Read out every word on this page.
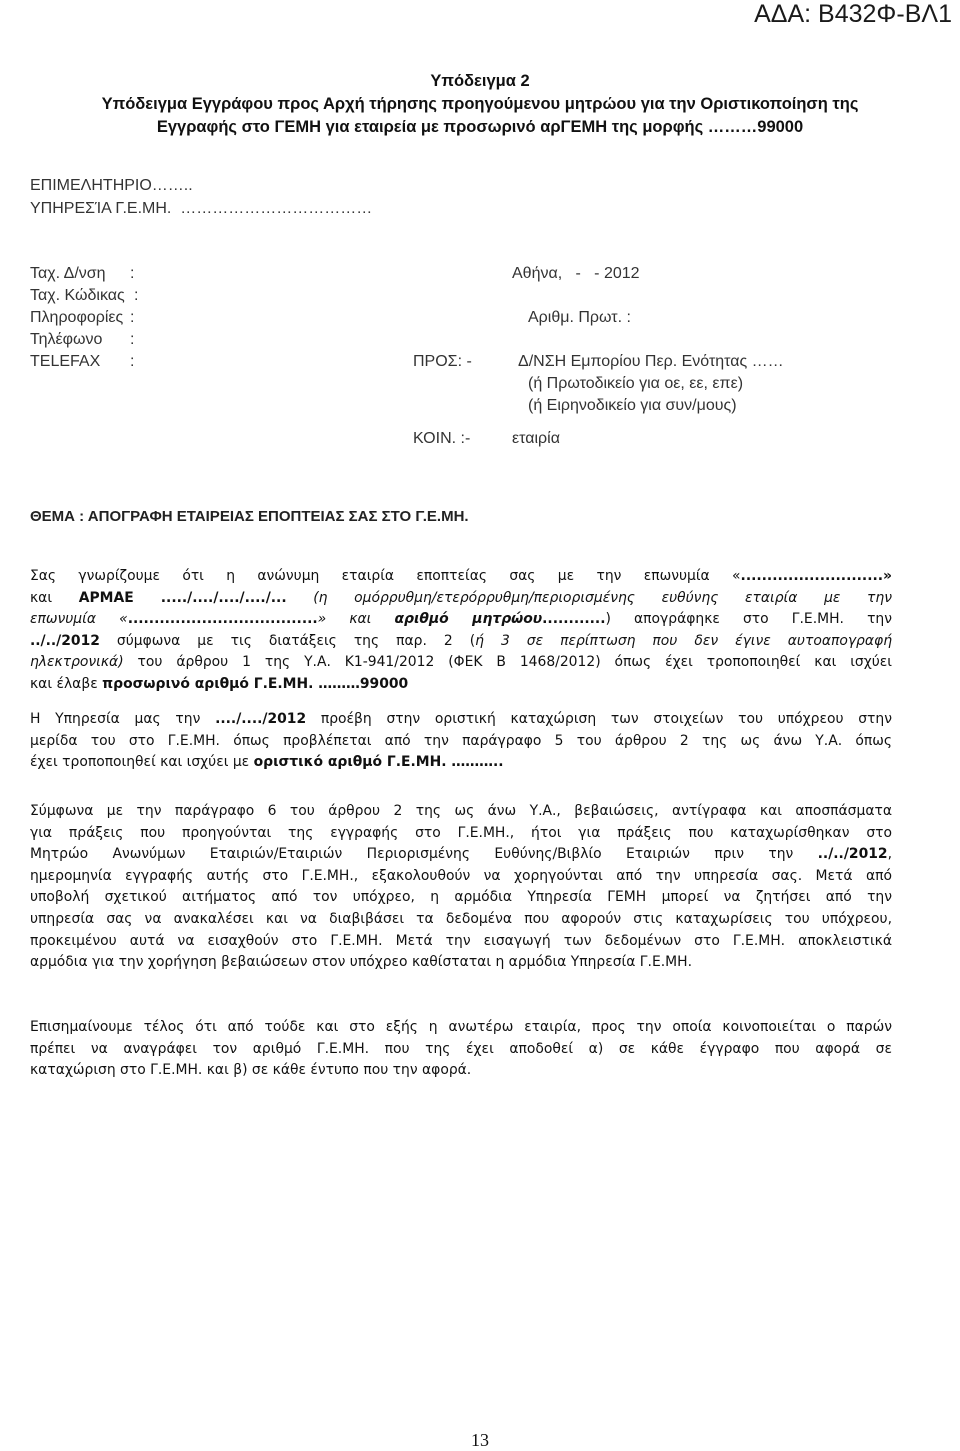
ΑΔΑ: Β432Φ-ΒΛ1
Υπόδειγμα 2
Υπόδειγμα Εγγράφου προς Αρχή τήρησης προηγούμενου μητρώου για την Οριστικοποίηση της
Εγγραφής στο ΓΕΜΗ για εταιρεία με προσωρινό αρΓΕΜΗ της μορφής ………99000
ΕΠΙΜΕΛΗΤΗΡΙΟ……..
ΥΠΗΡΕΣΊΑ Γ.Ε.ΜΗ.  ………………………………
Ταχ. Δ/νση :
Ταχ. Κώδικας :
Πληροφορίες :
Τηλέφωνο :
TELEFAX :
Αθήνα,   -   - 2012
Αριθμ. Πρωτ. :
ΠΡΟΣ: -	Δ/ΝΣΗ Εμπορίου Περ. Ενότητας ……
(ή Πρωτοδικείο για οε, εε, επε)
(ή Ειρηνοδικείο για συν/μους)
ΚΟΙΝ. :-	εταιρία
ΘΕΜΑ : ΑΠΟΓΡΑΦΗ ΕΤΑΙΡΕΙΑΣ ΕΠΟΠΤΕΙΑΣ ΣΑΣ ΣΤΟ Γ.Ε.ΜΗ.
Σας γνωρίζουμε ότι η ανώνυμη εταιρία εποπτείας σας με την επωνυμία «...........................»
και ΑΡΜΑΕ ...../..../..../..../... (η ομόρρυθμη/ετερόρρυθμη/περιορισμένης ευθύνης εταιρία με την
επωνυμία «....................................» και αριθμό μητρώου............) απογράφηκε στο Γ.Ε.ΜΗ. την
../../2012 σύμφωνα με τις διατάξεις της παρ. 2 (ή 3 σε περίπτωση που δεν έγινε αυτοαπογραφή
ηλεκτρονικά) του άρθρου 1 της Υ.Α. Κ1-941/2012 (ΦΕΚ Β 1468/2012) όπως έχει τροποποιηθεί και ισχύει
και έλαβε προσωρινό αριθμό Γ.Ε.ΜΗ. ………99000
Η Υπηρεσία μας την ..../..../2012 προέβη στην οριστική καταχώριση των στοιχείων του υπόχρεου στην
μερίδα του στο Γ.Ε.ΜΗ. όπως προβλέπεται από την παράγραφο 5 του άρθρου 2 της ως άνω Υ.Α. όπως
έχει τροποποιηθεί και ισχύει με οριστικό αριθμό Γ.Ε.ΜΗ. ………..
Σύμφωνα με την παράγραφο 6 του άρθρου 2 της ως άνω Υ.Α., βεβαιώσεις, αντίγραφα και αποσπάσματα
για πράξεις που προηγούνται της εγγραφής στο Γ.Ε.ΜΗ., ήτοι για πράξεις που καταχωρίσθηκαν στο
Μητρώο Ανωνύμων Εταιριών/Εταιριών Περιορισμένης Ευθύνης/Βιβλίο Εταιριών πριν την ../../2012,
ημερομηνία εγγραφής αυτής στο Γ.Ε.ΜΗ., εξακολουθούν να χορηγούνται από την υπηρεσία σας. Μετά από
υποβολή σχετικού αιτήματος από τον υπόχρεο, η αρμόδια Υπηρεσία ΓΕΜΗ μπορεί να ζητήσει από την
υπηρεσία σας να ανακαλέσει και να διαβιβάσει τα δεδομένα που αφορούν στις καταχωρίσεις του υπόχρεου,
προκειμένου αυτά να εισαχθούν στο Γ.Ε.ΜΗ. Μετά την εισαγωγή των δεδομένων στο Γ.Ε.ΜΗ. αποκλειστικά
αρμόδια για την χορήγηση βεβαιώσεων στον υπόχρεο καθίσταται η αρμόδια Υπηρεσία Γ.Ε.ΜΗ.
Επισημαίνουμε τέλος ότι από τούδε και στο εξής η ανωτέρω εταιρία, προς την οποία κοινοποιείται ο παρών
πρέπει να αναγράφει τον αριθμό Γ.Ε.ΜΗ. που της έχει αποδοθεί α) σε κάθε έγγραφο που αφορά σε
καταχώριση στο Γ.Ε.ΜΗ. και β) σε κάθε έντυπο που την αφορά.
13
